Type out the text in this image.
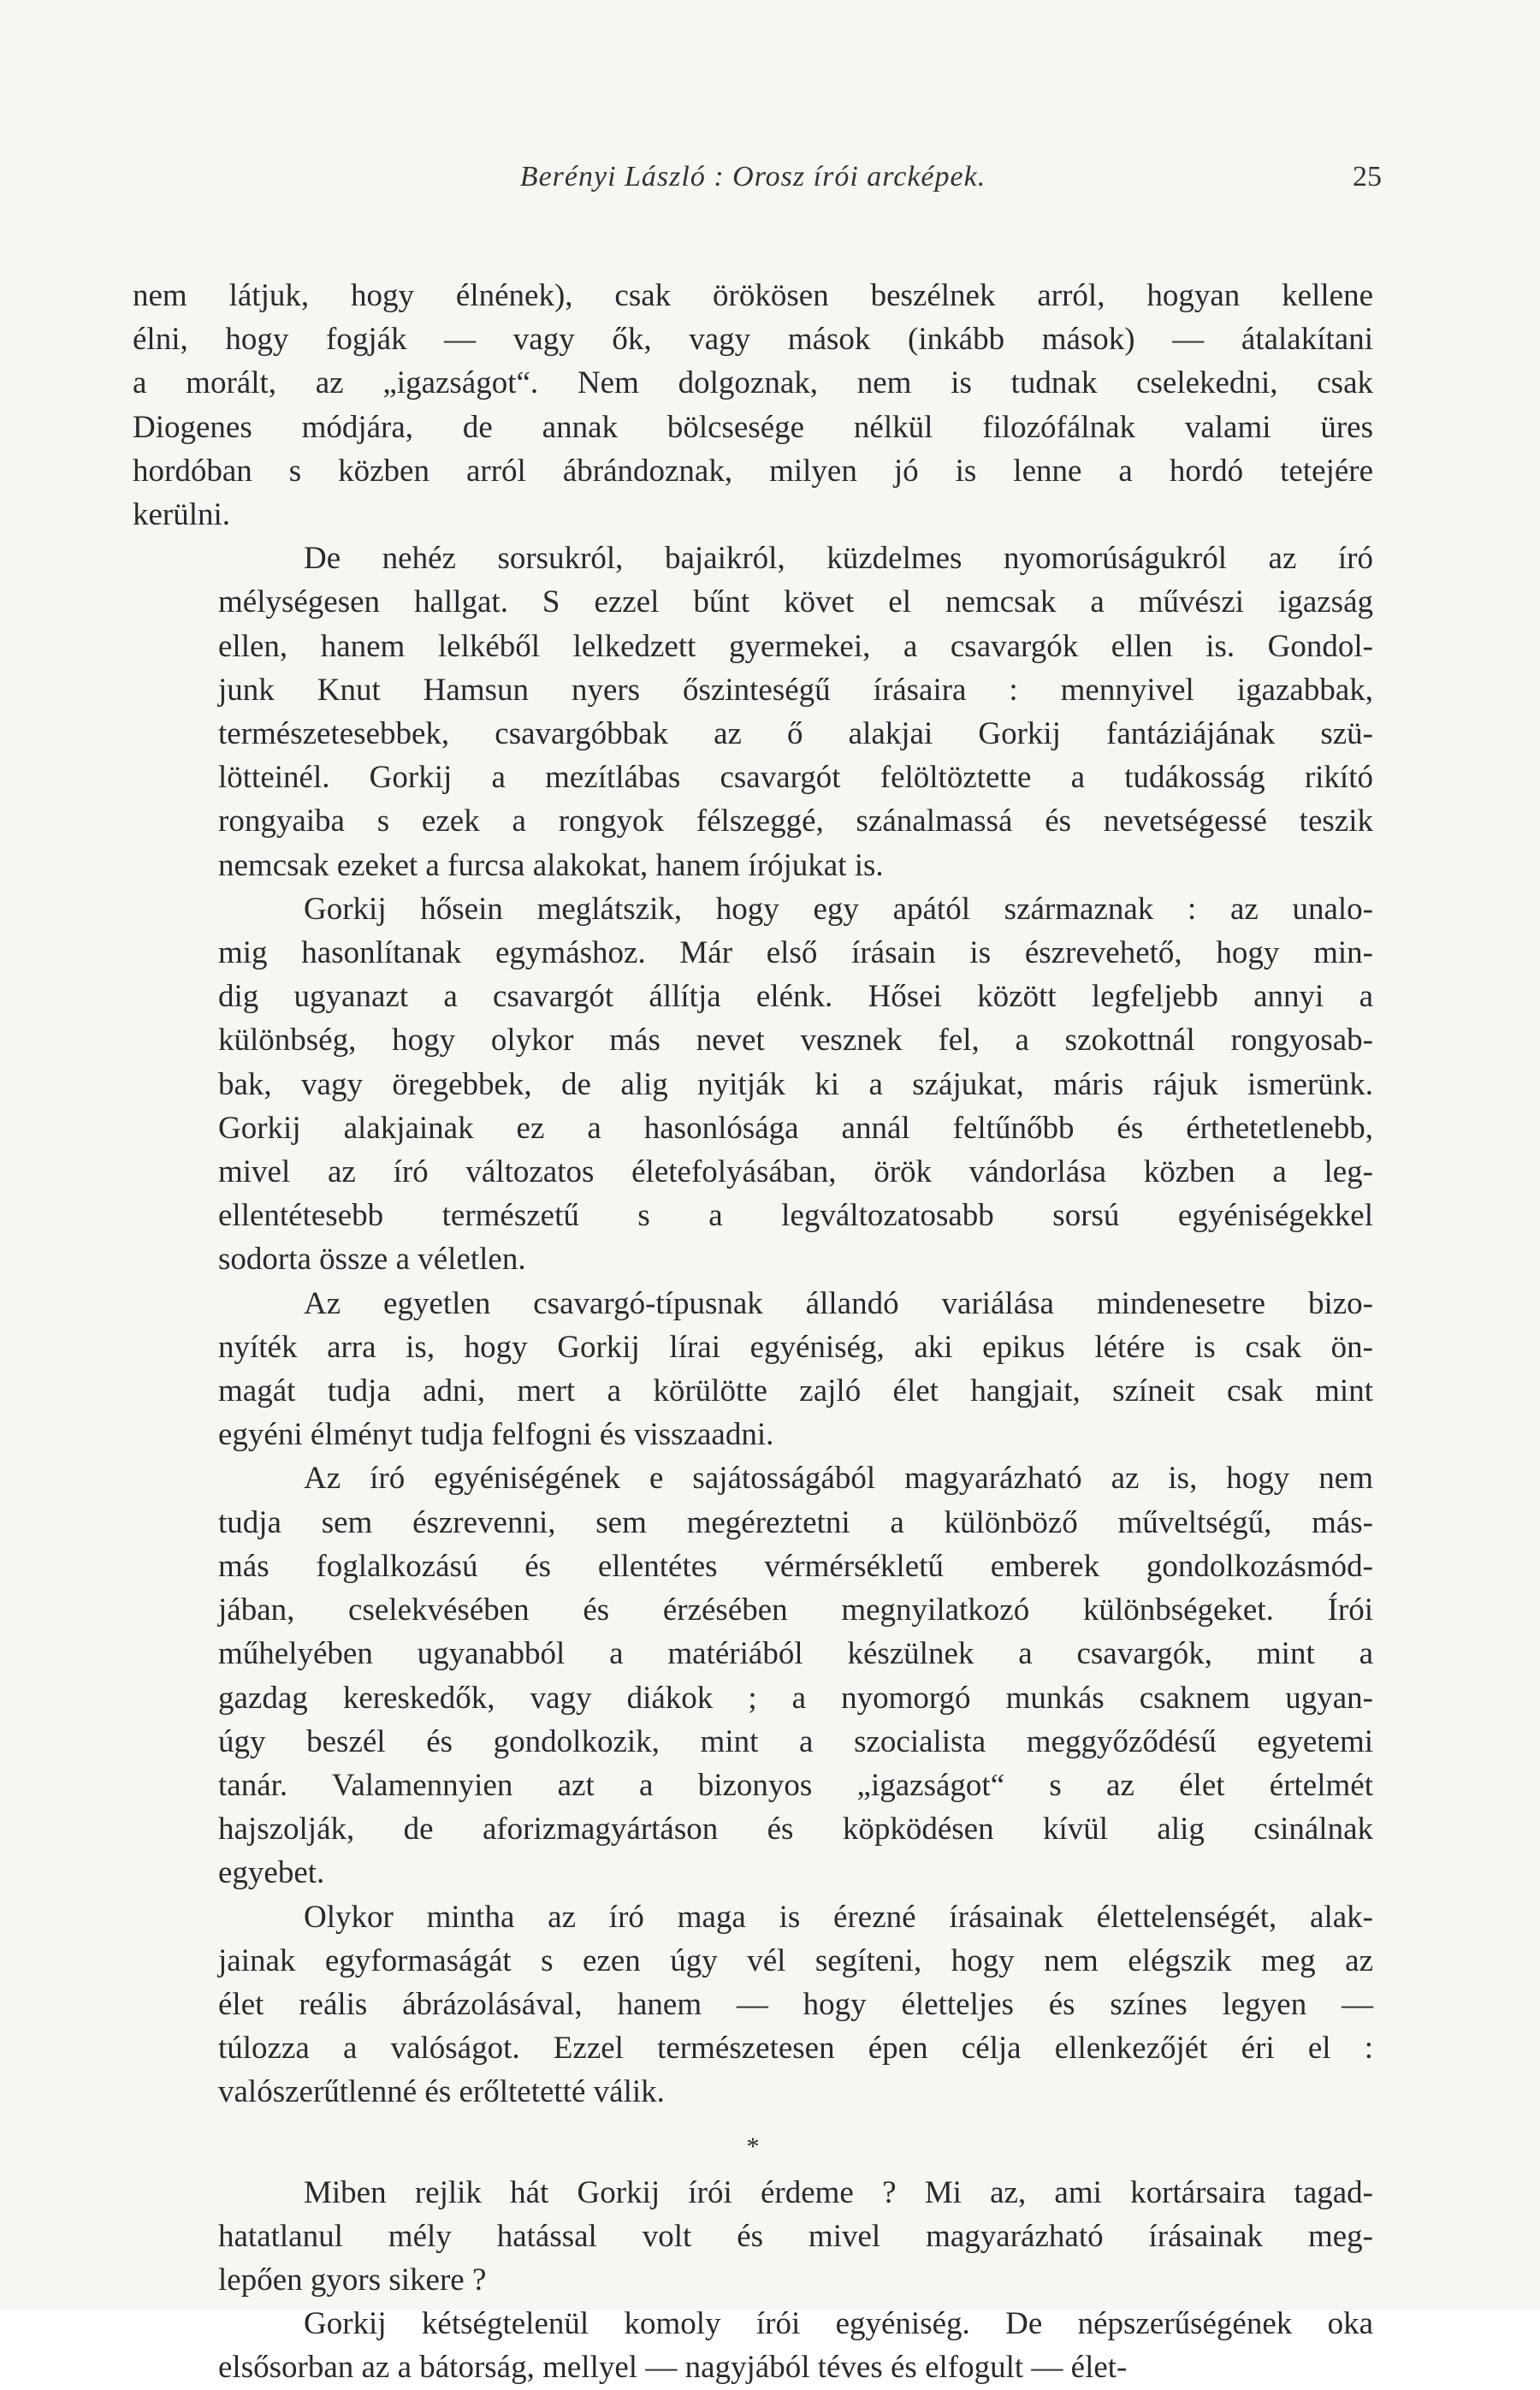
Berényi László : Orosz írói arcképek.	25
nem látjuk, hogy élnének), csak örökösen beszélnek arról, hogyan kellene
élni, hogy fogják — vagy ők, vagy mások (inkább mások) — átalakítani
a morált, az „igazságot“. Nem dolgoznak, nem is tudnak cselekedni, csak
Diogenes módjára, de annak bölcsesége nélkül filozófálnak valami üres
hordóban s közben arról ábrándoznak, milyen jó is lenne a hordó tetejére
kerülni.
De nehéz sorsukról, bajaikról, küzdelmes nyomorúságukról az író
mélységesen hallgat. S ezzel bűnt követ el nemcsak a művészi igazság
ellen, hanem lelkéből lelkedzett gyermekei, a csavargók ellen is. Gondol-
junk Knut Hamsun nyers őszinteségű írásaira : mennyivel igazabbak,
természetesebbek, csavargóbbak az ő alakjai Gorkij fantáziájának szü-
lötteinél. Gorkij a mezítlábas csavargót felöltöztette a tudákosság rikító
rongyaiba s ezek a rongyok félszeggé, szánalmassá és nevetségessé teszik
nemcsak ezeket a furcsa alakokat, hanem írójukat is.
Gorkij hősein meglátszik, hogy egy apától származnak : az unalo-
mig hasonlítanak egymáshoz. Már első írásain is észrevehető, hogy min-
dig ugyanazt a csavargót állítja elénk. Hősei között legfeljebb annyi a
különbség, hogy olykor más nevet vesznek fel, a szokottnál rongyosab-
bak, vagy öregebbek, de alig nyitják ki a szájukat, máris rájuk ismerünk.
Gorkij alakjainak ez a hasonlósága annál feltűnőbb és érthetetlenebb,
mivel az író változatos életefolyásában, örök vándorlása közben a leg-
ellentétesebb természetű s a legváltozatosabb sorsú egyéniségekkel
sodorta össze a véletlen.
Az egyetlen csavargó-típusnak állandó variálása mindenesetre bizo-
nyíték arra is, hogy Gorkij lírai egyéniség, aki epikus létére is csak ön-
magát tudja adni, mert a körülötte zajló élet hangjait, színeit csak mint
egyéni élményt tudja felfogni és visszaadni.
Az író egyéniségének e sajátosságából magyarázható az is, hogy nem
tudja sem észrevenni, sem megéreztetni a különböző műveltségű, más-
más foglalkozású és ellentétes vérmérsékletű emberek gondolkozásmód-
jában, cselekvésében és érzésében megnyilatkozó különbségeket. Írói
műhelyében ugyanabból a matériából készülnek a csavargók, mint a
gazdag kereskedők, vagy diákok ; a nyomorgó munkás csaknem ugyan-
úgy beszél és gondolkozik, mint a szocialista meggyőződésű egyetemi
tanár. Valamennyien azt a bizonyos „igazságot“ s az élet értelmét
hajszolják, de aforizmagyártáson és köpködésen kívül alig csinálnak
egyebet.
Olykor mintha az író maga is érezné írásainak élettelenségét, alak-
jainak egyformaságát s ezen úgy vél segíteni, hogy nem elégszik meg az
élet reális ábrázolásával, hanem — hogy életteljes és színes legyen —
túlozza a valóságot. Ezzel természetesen épen célja ellenkezőjét éri el :
valószerűtlenné és erőltetetté válik.
*
Miben rejlik hát Gorkij írói érdeme ? Mi az, ami kortársaira tagad-
hatatlanul mély hatással volt és mivel magyarázható írásainak meg-
lepően gyors sikere ?
Gorkij kétségtelenül komoly írói egyéniség. De népszerűségének oka
elsősorban az a bátorság, mellyel — nagyjából téves és elfogult — élet-
